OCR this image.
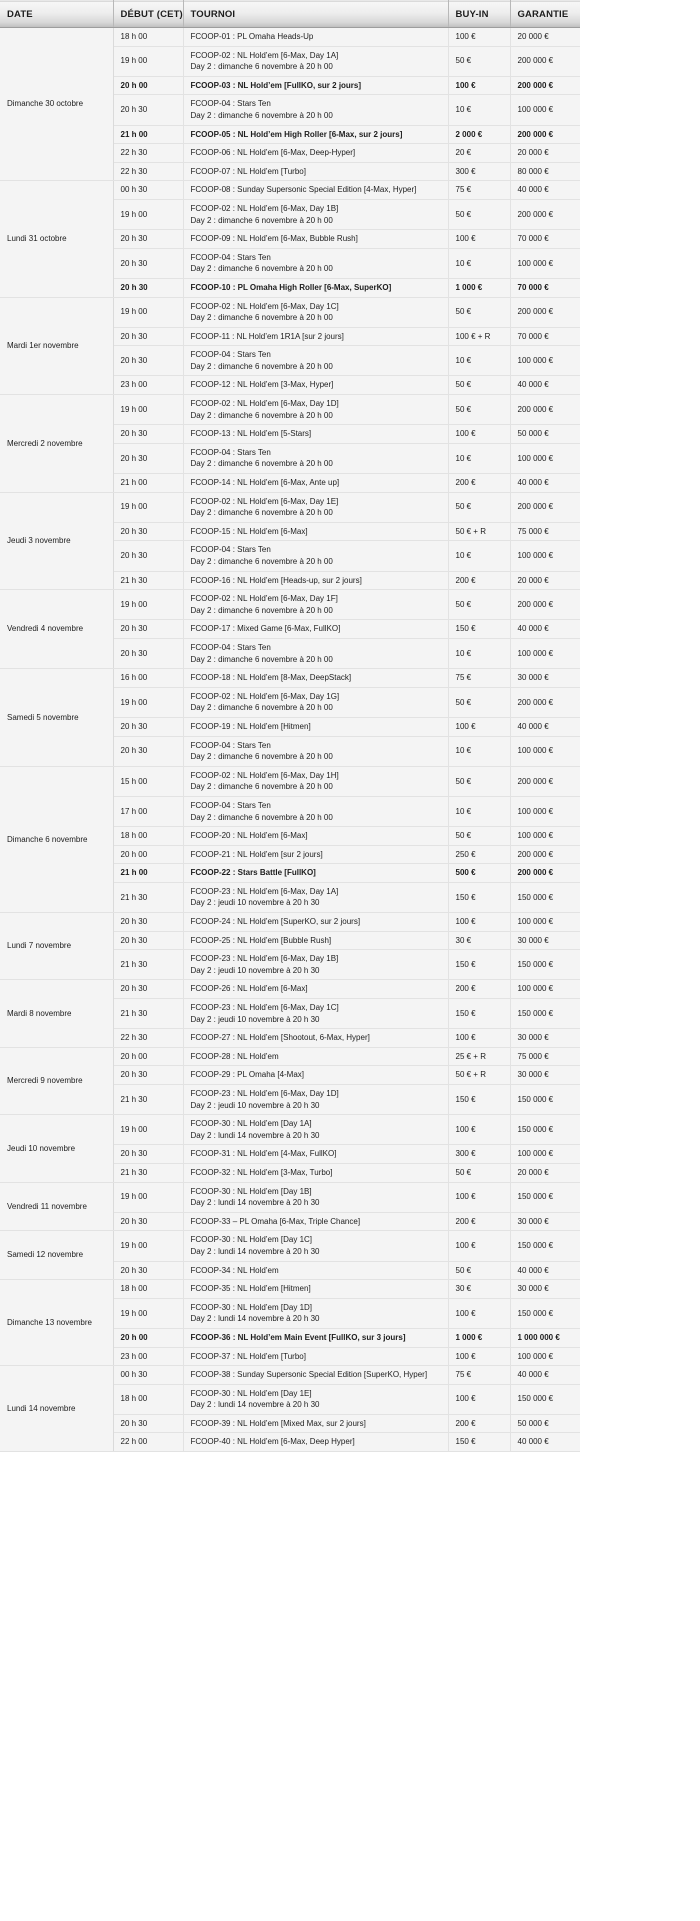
DATE	DÉBUT (CET)	TOURNOI	BUY-IN	GARANTIE
Dimanche 30 octobre	18 h 00	FCOOP-01 : PL Omaha Heads-Up	100 €	20 000 €
	19 h 00	FCOOP-02 : NL Hold’em [6-Max, Day 1A]
Day 2 : dimanche 6 novembre à 20 h 00	50 €	200 000 €
	20 h 00	FCOOP-03 : NL Hold’em [FullKO, sur 2 jours]	100 €	200 000 €
	20 h 30	FCOOP-04 : Stars Ten
Day 2 : dimanche 6 novembre à 20 h 00	10 €	100 000 €
	21 h 00	FCOOP-05 : NL Hold’em High Roller [6-Max, sur 2 jours]	2 000 €	200 000 €
	22 h 30	FCOOP-06 : NL Hold’em [6-Max, Deep-Hyper]	20 €	20 000 €
	22 h 30	FCOOP-07 : NL Hold’em [Turbo]	300 €	80 000 €
Lundi 31 octobre	00 h 30	FCOOP-08 : Sunday Supersonic Special Edition [4-Max, Hyper]	75 €	40 000 €
	19 h 00	FCOOP-02 : NL Hold’em [6-Max, Day 1B]
Day 2 : dimanche 6 novembre à 20 h 00	50 €	200 000 €
	20 h 30	FCOOP-09 : NL Hold’em [6-Max, Bubble Rush]	100 €	70 000 €
	20 h 30	FCOOP-04 : Stars Ten
Day 2 : dimanche 6 novembre à 20 h 00	10 €	100 000 €
	20 h 30	FCOOP-10 : PL Omaha High Roller [6-Max, SuperKO]	1 000 €	70 000 €
Mardi 1er novembre	19 h 00	FCOOP-02 : NL Hold’em [6-Max, Day 1C]
Day 2 : dimanche 6 novembre à 20 h 00	50 €	200 000 €
	20 h 30	FCOOP-11 : NL Hold’em 1R1A [sur 2 jours]	100 € + R	70 000 €
	20 h 30	FCOOP-04 : Stars Ten
Day 2 : dimanche 6 novembre à 20 h 00	10 €	100 000 €
	23 h 00	FCOOP-12 : NL Hold’em [3-Max, Hyper]	50 €	40 000 €
Mercredi 2 novembre	19 h 00	FCOOP-02 : NL Hold’em [6-Max, Day 1D]
Day 2 : dimanche 6 novembre à 20 h 00	50 €	200 000 €
	20 h 30	FCOOP-13 : NL Hold’em [5-Stars]	100 €	50 000 €
	20 h 30	FCOOP-04 : Stars Ten
Day 2 : dimanche 6 novembre à 20 h 00	10 €	100 000 €
	21 h 00	FCOOP-14 : NL Hold’em [6-Max, Ante up]	200 €	40 000 €
Jeudi 3 novembre	19 h 00	FCOOP-02 : NL Hold’em [6-Max, Day 1E]
Day 2 : dimanche 6 novembre à 20 h 00	50 €	200 000 €
	20 h 30	FCOOP-15 : NL Hold’em [6-Max]	50 € + R	75 000 €
	20 h 30	FCOOP-04 : Stars Ten
Day 2 : dimanche 6 novembre à 20 h 00	10 €	100 000 €
	21 h 30	FCOOP-16 : NL Hold’em [Heads-up, sur 2 jours]	200 €	20 000 €
Vendredi 4 novembre	19 h 00	FCOOP-02 : NL Hold’em [6-Max, Day 1F]
Day 2 : dimanche 6 novembre à 20 h 00	50 €	200 000 €
	20 h 30	FCOOP-17 : Mixed Game [6-Max, FullKO]	150 €	40 000 €
	20 h 30	FCOOP-04 : Stars Ten
Day 2 : dimanche 6 novembre à 20 h 00	10 €	100 000 €
Samedi 5 novembre	16 h 00	FCOOP-18 : NL Hold’em [8-Max, DeepStack]	75 €	30 000 €
	19 h 00	FCOOP-02 : NL Hold’em [6-Max, Day 1G]
Day 2 : dimanche 6 novembre à 20 h 00	50 €	200 000 €
	20 h 30	FCOOP-19 : NL Hold’em [Hitmen]	100 €	40 000 €
	20 h 30	FCOOP-04 : Stars Ten
Day 2 : dimanche 6 novembre à 20 h 00	10 €	100 000 €
Dimanche 6 novembre	15 h 00	FCOOP-02 : NL Hold’em [6-Max, Day 1H]
Day 2 : dimanche 6 novembre à 20 h 00	50 €	200 000 €
	17 h 00	FCOOP-04 : Stars Ten
Day 2 : dimanche 6 novembre à 20 h 00	10 €	100 000 €
	18 h 00	FCOOP-20 : NL Hold’em [6-Max]	50 €	100 000 €
	20 h 00	FCOOP-21 : NL Hold’em [sur 2 jours]	250 €	200 000 €
	21 h 00	FCOOP-22 : Stars Battle [FullKO]	500 €	200 000 €
	21 h 30	FCOOP-23 : NL Hold’em [6-Max, Day 1A]
Day 2 : jeudi 10 novembre à 20 h 30	150 €	150 000 €
Lundi 7 novembre	20 h 30	FCOOP-24 : NL Hold’em [SuperKO, sur 2 jours]	100 €	100 000 €
	20 h 30	FCOOP-25 : NL Hold’em [Bubble Rush]	30 €	30 000 €
	21 h 30	FCOOP-23 : NL Hold’em [6-Max, Day 1B]
Day 2 : jeudi 10 novembre à 20 h 30	150 €	150 000 €
Mardi 8 novembre	20 h 30	FCOOP-26 : NL Hold’em [6-Max]	200 €	100 000 €
	21 h 30	FCOOP-23 : NL Hold’em [6-Max, Day 1C]
Day 2 : jeudi 10 novembre à 20 h 30	150 €	150 000 €
	22 h 30	FCOOP-27 : NL Hold’em [Shootout, 6-Max, Hyper]	100 €	30 000 €
Mercredi 9 novembre	20 h 00	FCOOP-28 : NL Hold’em	25 € + R	75 000 €
	20 h 30	FCOOP-29 : PL Omaha [4-Max]	50 € + R	30 000 €
	21 h 30	FCOOP-23 : NL Hold’em [6-Max, Day 1D]
Day 2 : jeudi 10 novembre à 20 h 30	150 €	150 000 €
Jeudi 10 novembre	19 h 00	FCOOP-30 : NL Hold’em [Day 1A]
Day 2 : lundi 14 novembre à 20 h 30	100 €	150 000 €
	20 h 30	FCOOP-31 : NL Hold’em [4-Max, FullKO]	300 €	100 000 €
	21 h 30	FCOOP-32 : NL Hold’em [3-Max, Turbo]	50 €	20 000 €
Vendredi 11 novembre	19 h 00	FCOOP-30 : NL Hold’em [Day 1B]
Day 2 : lundi 14 novembre à 20 h 30	100 €	150 000 €
	20 h 30	FCOOP-33 – PL Omaha [6-Max, Triple Chance]	200 €	30 000 €
Samedi 12 novembre	19 h 00	FCOOP-30 : NL Hold’em [Day 1C]
Day 2 : lundi 14 novembre à 20 h 30	100 €	150 000 €
	20 h 30	FCOOP-34 : NL Hold’em	50 €	40 000 €
Dimanche 13 novembre	18 h 00	FCOOP-35 : NL Hold’em [Hitmen]	30 €	30 000 €
	19 h 00	FCOOP-30 : NL Hold’em [Day 1D]
Day 2 : lundi 14 novembre à 20 h 30	100 €	150 000 €
	20 h 00	FCOOP-36 : NL Hold’em Main Event [FullKO, sur 3 jours]	1 000 €	1 000 000 €
	23 h 00	FCOOP-37 : NL Hold’em [Turbo]	100 €	100 000 €
Lundi 14 novembre	00 h 30	FCOOP-38 : Sunday Supersonic Special Edition [SuperKO, Hyper]	75 €	40 000 €
	18 h 00	FCOOP-30 : NL Hold’em [Day 1E]
Day 2 : lundi 14 novembre à 20 h 30	100 €	150 000 €
	20 h 30	FCOOP-39 : NL Hold’em [Mixed Max, sur 2 jours]	200 €	50 000 €
	22 h 00	FCOOP-40 : NL Hold’em [6-Max, Deep Hyper]	150 €	40 000 €
